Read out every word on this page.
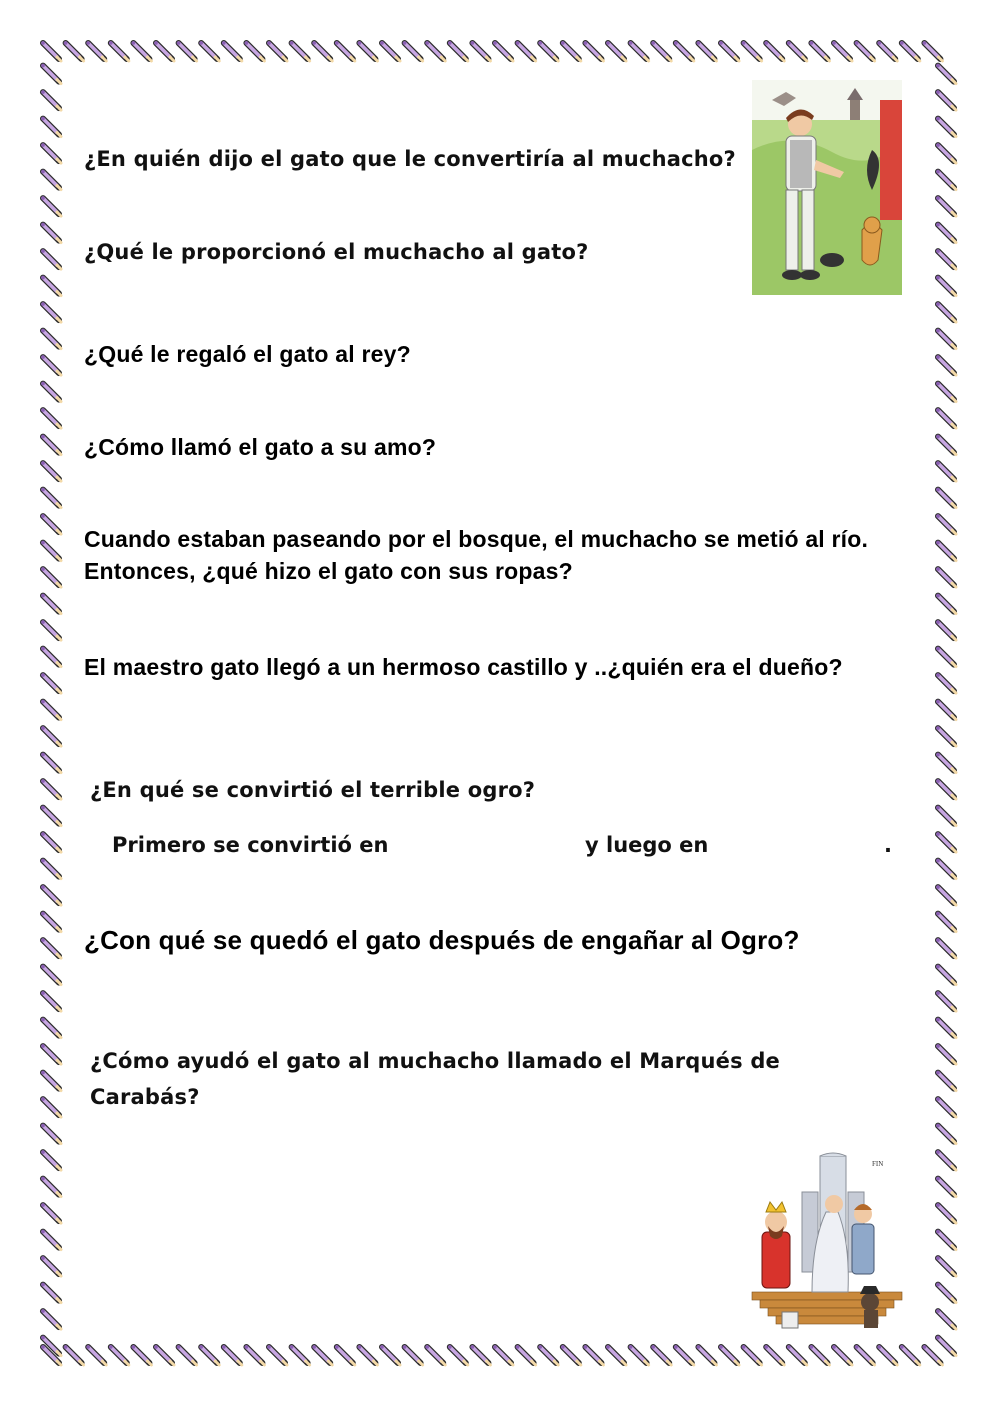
¿En quién dijo el gato que le convertiría al muchacho?

¿Qué le proporcionó el muchacho al gato?

¿Qué le regaló el gato al rey?

¿Cómo llamó el gato a su amo?

Cuando estaban paseando por el bosque, el muchacho se metió al río. Entonces, ¿qué hizo el gato con sus ropas?

El maestro gato llegó a un hermoso castillo y ..¿quién era el dueño?

¿En qué se convirtió el terrible ogro?

Primero se convirtió en	y luego en	.

¿Con qué se quedó el gato después de engañar al Ogro?

¿Cómo ayudó el gato al muchacho llamado el Marqués de Carabás?

FIN
